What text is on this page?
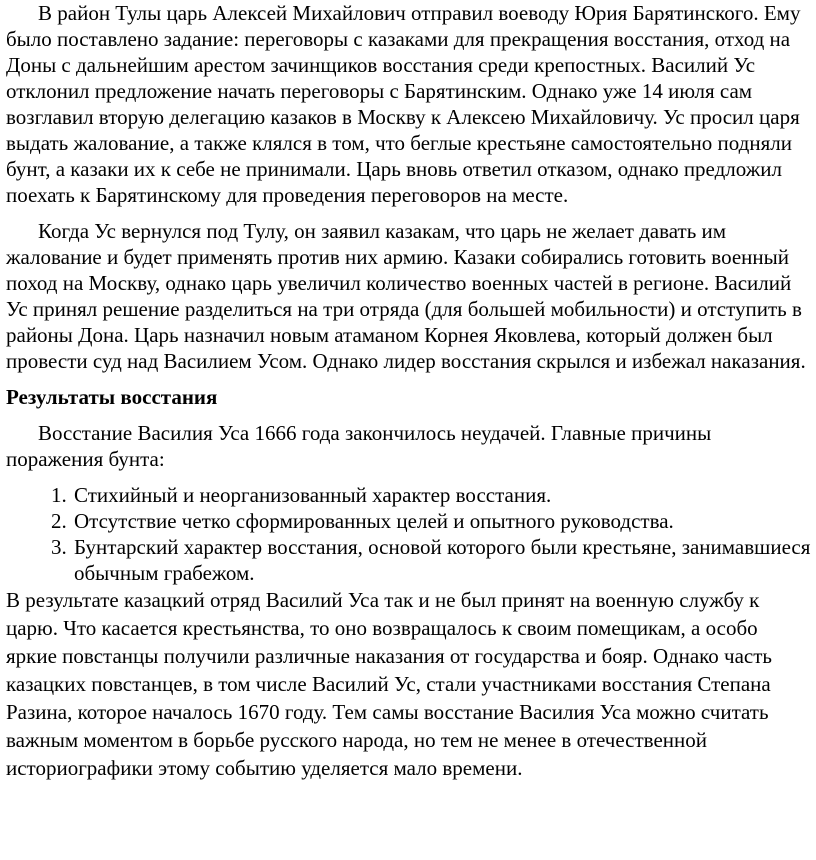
В район Тулы царь Алексей Михайлович отправил воеводу Юрия Барятинского. Ему было поставлено задание: переговоры с казаками для прекращения восстания, отход на Доны с дальнейшим арестом зачинщиков восстания среди крепостных. Василий Ус отклонил предложение начать переговоры с Барятинским. Однако уже 14 июля сам возглавил вторую делегацию казаков в Москву к Алексею Михайловичу. Ус просил царя выдать жалование, а также клялся в том, что беглые крестьяне самостоятельно подняли бунт, а казаки их к себе не принимали. Царь вновь ответил отказом, однако предложил поехать к Барятинскому для проведения переговоров на месте.

Когда Ус вернулся под Тулу, он заявил казакам, что царь не желает давать им жалование и будет применять против них армию. Казаки собирались готовить военный поход на Москву, однако царь увеличил количество военных частей в регионе. Василий Ус принял решение разделиться на три отряда (для большей мобильности) и отступить в районы Дона. Царь назначил новым атаманом Корнея Яковлева, который должен был провести суд над Василием Усом. Однако лидер восстания скрылся и избежал наказания.

Результаты восстания

Восстание Василия Уса 1666 года закончилось неудачей. Главные причины поражения бунта:

1. Стихийный и неорганизованный характер восстания.
2. Отсутствие четко сформированных целей и опытного руководства.
3. Бунтарский характер восстания, основой которого были крестьяне, занимавшиеся обычным грабежом.

В результате казацкий отряд Василий Уса так и не был принят на военную службу к царю. Что касается крестьянства, то оно возвращалось к своим помещикам, а особо яркие повстанцы получили различные наказания от государства и бояр. Однако часть казацких повстанцев, в том числе Василий Ус, стали участниками восстания Степана Разина, которое началось 1670 году. Тем самы восстание Василия Уса можно считать важным моментом в борьбе русского народа, но тем не менее в отечественной историографики этому событию уделяется мало времени.
